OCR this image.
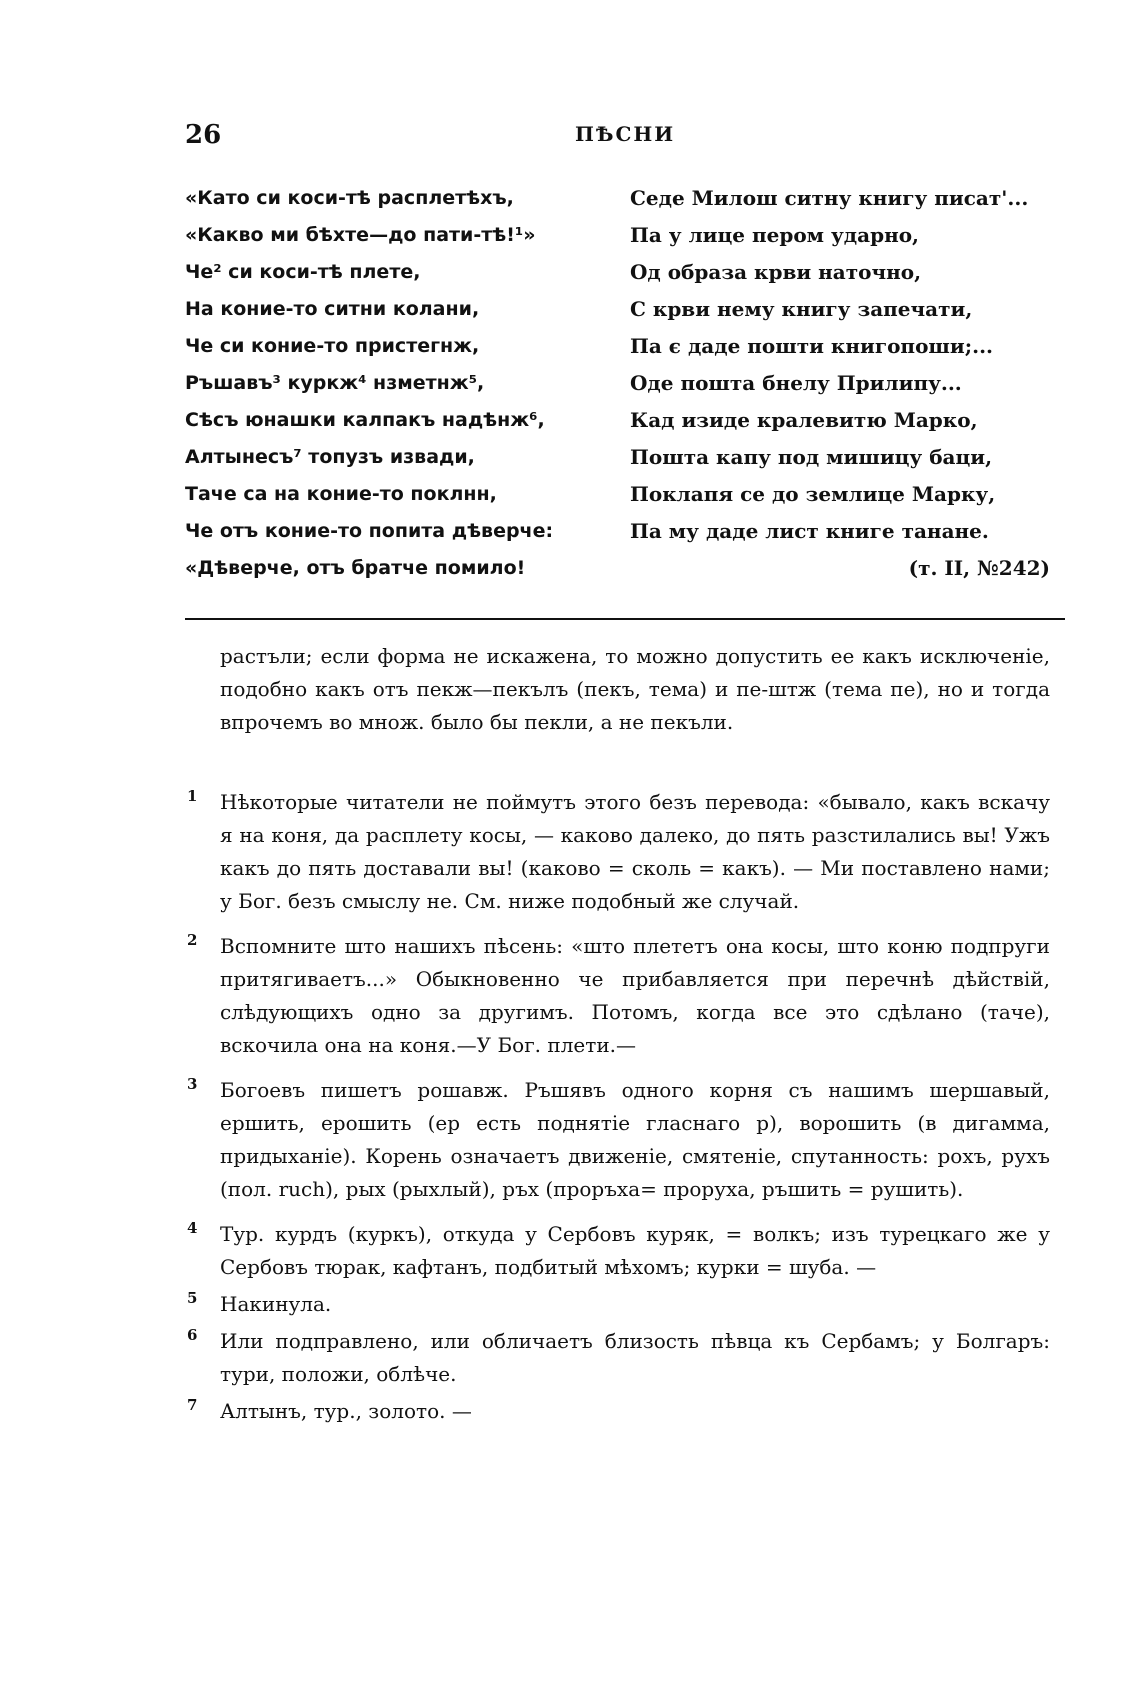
26	ПѢСНИ
«Като си коси-тѣ расплетѣхъ,
«Какво ми бѣхте—до пати-тѣ!¹»
Че² си коси-тѣ плете,
На коние-то ситни колани,
Че си коние-то пристегнж,
Ръшавъ³ куркж⁴ нзметнж⁵,
Сѣсъ юнашки калпакъ надѣнж⁶,
Алтынесъ⁷ топузъ извади,
Таче са на коние-то поклнн,
Че отъ коние-то попита дѣверче:
«Дѣверче, отъ братче помило!
Седе Милош ситну книгу писат'...
Па у лице пером ударно,
Од образа крви наточно,
С крви нему книгу запечати,
Па є даде пошти книгопоши;...
Оде пошта бнелу Прилипу...
Кад изиде кралевитю Марко,
Пошта капу под мишицу баци,
Поклапя се до землице Марку,
Па му даде лист книге танане.
(т. II, №242)
растъли; если форма не искажена, то можно допустить ее какъ исключеніе, подобно какъ отъ пекж—пекълъ (пекъ, тема) и пе-штж (тема пе), но и тогда впрочемъ во множ. было бы пекли, а не пекъли.
1 Нѣкоторые читатели не поймутъ этого безъ перевода: «бывало, какъ вскачу я на коня, да расплету косы, — каково далеко, до пять разстилались вы! Ужъ какъ до пять доставали вы! (каково = сколь = какъ). — Ми поставлено нами; у Бог. безъ смыслу не. См. ниже подобный же случай.
2 Вспомните што нашихъ пѣсень: «што плететъ она косы, што коню подпруги притягиваетъ...» Обыкновенно че прибавляется при перечнѣ дѣйствій, слѣдующихъ одно за другимъ. Потомъ, когда все это сдѣлано (таче), вскочила она на коня.—У Бог. плети.—
3 Богоевъ пишетъ рошавж. Ръшявъ одного корня съ нашимъ шершавый, ершить, ерошить (ер есть поднятіе гласнаго р), ворошить (в дигамма, придыханіе). Корень означаетъ движеніе, смятеніе, спутанность: рохъ, рухъ (пол. ruch), рых (рыхлый), ръх (проръха= проруха, ръшить = рушить).
4 Тур. курдъ (куркъ), откуда у Сербовъ куряк, = волкъ; изъ турецкаго же у Сербовъ тюрак, кафтанъ, подбитый мѣхомъ; курки = шуба. —
5 Накинула.
6 Или подправлено, или обличаетъ близость пѣвца къ Сербамъ; у Болгаръ: тури, положи, облѣче.
7 Алтынъ, тур., золото. —
